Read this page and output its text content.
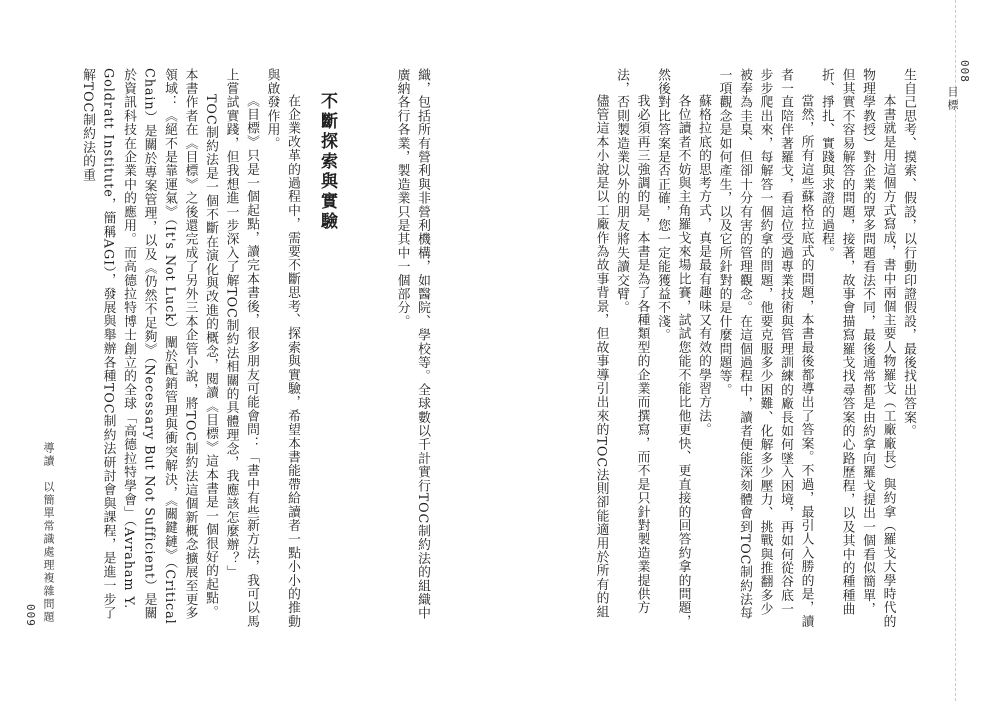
008
目標

生自己思考、摸索、假設，以行動印證假設，最後找出答案。

本書就是用這個方式寫成，書中兩個主要人物羅戈（工廠廠長）與約拿（羅戈大學時代的物理學教授）對企業的眾多問題看法不同，最後通常都是由約拿向羅戈提出一個看似簡單，但其實不容易解答的問題，接著，故事會描寫羅戈找尋答案的心路歷程，以及其中的種種曲折、掙扎、實踐與求證的過程。

當然，所有這些蘇格拉底式的問題，本書最後都導出了答案。不過，最引人入勝的是，讀者一直陪伴著羅戈，看這位受過專業技術與管理訓練的廠長如何墜入困境，再如何從谷底一步步爬出來，每解答一個約拿的問題，他要克服多少困難、化解多少壓力、挑戰與推翻多少被奉為圭臬、但卻十分有害的管理觀念。在這個過程中，讀者便能深刻體會到TOC制約法每一項觀念是如何產生，以及它所針對的是什麼問題等。

蘇格拉底的思考方式，真是最有趣味又有效的學習方法。

各位讀者不妨與主角羅戈來場比賽，試試您能不能比他更快、更直接的回答約拿的問題，然後對比答案是否正確，您一定能獲益不淺。

我必須再三強調的是，本書是為了各種類型的企業而撰寫，而不是只針對製造業提供方法，否則製造業以外的朋友將失讀交臂。

儘管這本小說是以工廠作為故事背景，但故事導引出來的TOC法則卻能適用於所有的組

織，包括所有營利與非營利機構，如醫院、學校等。全球數以千計實行TOC制約法的組織中廣納各行各業，製造業只是其中一個部分。

不斷探索與實驗

在企業改革的過程中，需要不斷思考、探索與實驗，希望本書能帶給讀者一點小小的推動與啟發作用。

《目標》只是一個起點，讀完本書後，很多朋友可能會問：「書中有些新方法，我可以馬上嘗試實踐，但我想進一步深入了解TOC制約法相關的具體理念，我應該怎麼辦？」

TOC制約法是一個不斷在演化與改進的概念，閱讀《目標》這本書是一個很好的起點。本書作者在《目標》之後還完成了另外三本企管小說，將TOC制約法這個新概念擴展至更多領域：《絕不是靠運氣》（It's Not Luck）闡於配銷管理與衝突解決，《關鍵鏈》（Critical Chain）是關於專案管理，以及《仍然不足夠》（Necessary But Not Sufficient）是關於資訊科技在企業中的應用。而高德拉特博士創立的全球「高德拉特學會」（Avraham Y. Goldratt Institute，簡稱AGI），發展與舉辦各種TOC制約法研討會與課程，是進一步了解TOC制約法的重

導讀　以簡單常識處理複雜問題
009
